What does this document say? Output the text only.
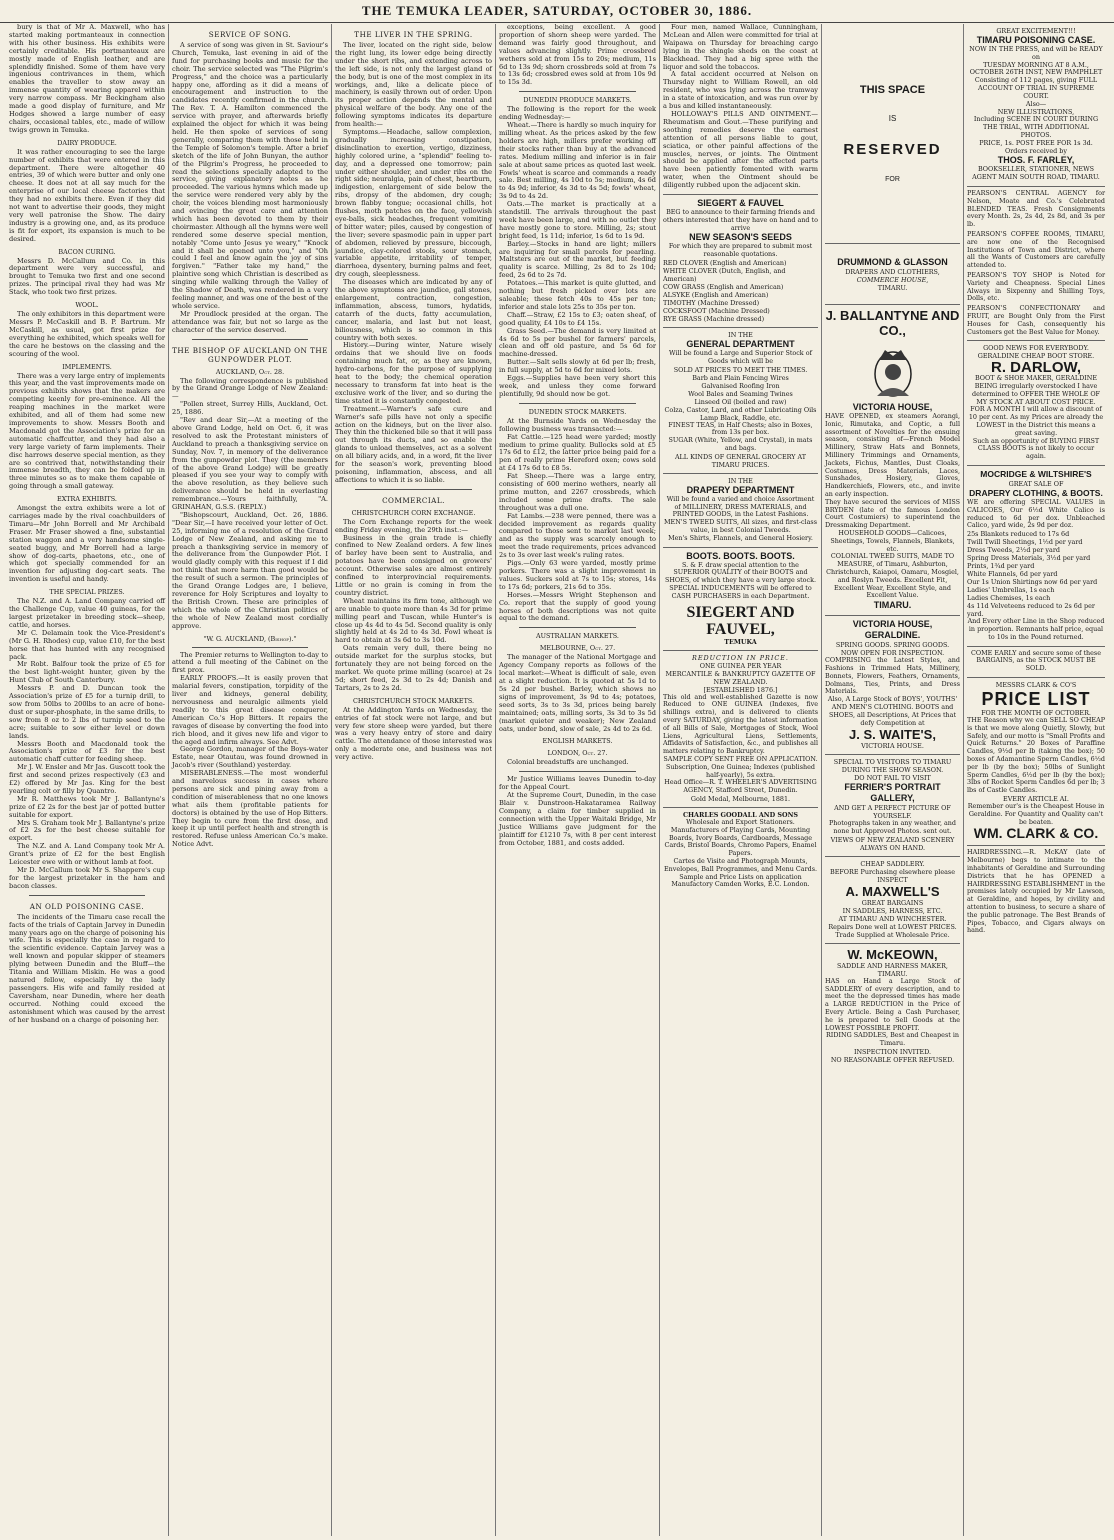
THE TEMUKA LEADER, SATURDAY, OCTOBER 30, 1886.

bury is that of Mr A. Maxwell, who has started making portmanteaux in connection with his other business. His exhibits were certainly creditable. His portmanteaux are mostly made of English leather, and are splendidly finished. Some of them have very ingenious contrivances in them, which enables the traveller to stow away an immense quantity of wearing apparel within very narrow compass. Mr Beckingham also made a good display of furniture, and Mr Hodges showed a large number of easy chairs, occasional tables, etc., made of willow twigs grown in Temuka.

DAIRY PRODUCE.

It was rather encouraging to see the large number of exhibits that were entered in this department. There were altogether 40 entries, 39 of which were butter and only one cheese. It does not at all say much for the enterprise of our local cheese factories that they had no exhibits there. Even if they did not want to advertise their goods, they might very well patronise the Show. The dairy industry is a growing one, and, as its produce is fit for export, its expansion is much to be desired.

BACON CURING.

Messrs D. McCallum and Co. in this department were very successful, and brought to Temuka two first and one second prizes. The principal rival they had was Mr Stack, who took two first prizes.

WOOL.

The only exhibitors in this department were Messrs P. McCaskill and B. P. Bartrum. Mr McCaskill, as usual, got first prize for everything he exhibited, which speaks well for the care he bestows on the classing and the scouring of the wool.

IMPLEMENTS.

There was a very large entry of implements this year, and the vast improvements made on previous exhibits shows that the makers are competing keenly for pre-eminence. All the reaping machines in the market were exhibited, and all of them had some new improvements to show. Messrs Booth and Macdonald got the Association's prize for an automatic chaffcutter, and they had also a very large variety of farm implements. Their disc harrows deserve special mention, as they are so contrived that, notwithstanding their immense breadth, they can be folded up in three minutes so as to make them capable of going through a small gateway.

EXTRA EXHIBITS.

Amongst the extra exhibits were a lot of carriages made by the rival coachbuilders of Timaru—Mr John Borrell and Mr Archibald Fraser. Mr Fraser showed a fine, substantial station waggon and a very handsome single-seated buggy, and Mr Borrell had a large show of dog-carts, phaetons, etc., one of which got specially commended for an invention for adjusting dog-cart seats. The invention is useful and handy.

THE SPECIAL PRIZES.

The N.Z. and A. Land Company carried off the Challenge Cup, value 40 guineas, for the largest prizetaker in breeding stock—sheep, cattle, and horses.

Mr C. Delamain took the Vice-President's (Mr G. H. Rhodes) cup, value £10, for the best horse that has hunted with any recognised pack.

Mr Robt. Balfour took the prize of £5 for the best light-weight hunter, given by the Hunt Club of South Canterbury.

Messrs P. and D. Duncan took the Association's prize of £5 for a turnip drill, to sow from 50lbs to 200lbs to an acre of bone-dust or super-phosphate, in the same drills, to sow from 8 oz to 2 lbs of turnip seed to the acre; suitable to sow either level or down lands.

Messrs Booth and Macdonald took the Association's prize of £3 for the best automatic chaff cutter for feeding sheep.

Mr J. W. Ensler and Mr Jas. Guscott took the first and second prizes respectively (£3 and £2) offered by Mr Jas. King for the best yearling colt or filly by Quantro.

Mr R. Matthews took Mr J. Ballantyne's prize of £2 2s for the best jar of potted butter suitable for export.

Mrs S. Graham took Mr J. Ballantyne's prize of £2 2s for the best cheese suitable for export.

The N.Z. and A. Land Company took Mr A. Grant's prize of £2 for the best English Leicester ewe with or without lamb at foot.

Mr D. McCallum took Mr S. Shappere's cup for the largest prizetaker in the ham and bacon classes.

AN OLD POISONING CASE.

The incidents of the Timaru case recall the facts of the trials of Captain Jarvey in Dunedin many years ago on the charge of poisoning his wife. This is especially the case in regard to the scientific evidence. Captain Jarvey was a well known and popular skipper of steamers plying between Dunedin and the Bluff—the Titania and William Miskin. He was a good natured fellow, especially by the lady passengers. His wife and family resided at Caversham, near Dunedin, where her death occurred. Nothing could exceed the astonishment which was caused by the arrest of her husband on a charge of poisoning her.

SERVICE OF SONG.

A service of song was given in St. Saviour's Church, Temuka, last evening in aid of the fund for purchasing books and music for the choir. The service selected was "The Pilgrim's Progress," and the choice was a particularly happy one, affording as it did a means of encouragement and instruction to the candidates recently confirmed in the church. The Rev. T. A. Hamilton commenced the service with prayer, and afterwards briefly explained the object for which it was being held. He then spoke of services of song generally, comparing them with those held in the Temple of Solomon's temple. After a brief sketch of the life of John Bunyan, the author of the Pilgrim's Progress, he proceeded to read the selections specially adapted to the service, giving explanatory notes as he proceeded. The various hymns which made up the service were rendered very ably by the choir, the voices blending most harmoniously and evincing the great care and attention which has been devoted to them by their choirmaster. Although all the hymns were well rendered some deserve special mention, notably "Come unto Jesus ye weary," "Knock and it shall be opened unto you," and "Oh could I feel and know again the joy of sins forgiven." "Father take my hand," the plaintive song which Christian is described as singing while walking through the Valley of the Shadow of Death, was rendered in a very feeling manner, and was one of the best of the whole service.

Mr Proudlock presided at the organ. The attendance was fair, but not so large as the character of the service deserved.

THE BISHOP OF AUCKLAND ON THE GUNPOWDER PLOT.
AUCKLAND, Oct. 28.

The following correspondence is published by the Grand Orange Lodge of New Zealand:—

"Pollen street, Surrey Hills, Auckland, Oct. 25, 1886.

"Rev and dear Sir,—At a meeting of the above Grand Lodge, held on Oct. 6, it was resolved to ask the Protestant ministers of Auckland to preach a thanksgiving service on Sunday, Nov. 7, in memory of the deliverance from the gunpowder plot. They (the members of the above Grand Lodge) will be greatly pleased if you see your way to comply with the above resolution, as they believe such deliverance should be held in everlasting remembrance.—Yours faithfully, "A. GRINAHAN, G.S.S. (REPLY.)

"Bishopscourt, Auckland, Oct. 26, 1886. "Dear Sir,—I have received your letter of Oct. 25, informing me of a resolution of the Grand Lodge of New Zealand, and asking me to preach a thanksgiving service in memory of the deliverance from the Gunpowder Plot. I would gladly comply with this request if I did not think that more harm than good would be the result of such a sermon. The principles of the Grand Orange Lodges are, I believe, reverence for Holy Scriptures and loyalty to the British Crown. These are principles of which the whole of the Christian politics of the whole of New Zealand most cordially approve.

"W. G. AUCKLAND, (Bishop)."

The Premier returns to Wellington to-day to attend a full meeting of the Cabinet on the first prox.

EARLY PROOFS.—It is easily proven that malarial fevers, constipation, torpidity of the liver and kidneys, general debility, nervousness and neuralgic ailments yield readily to this great disease conqueror, American Co.'s Hop Bitters. It repairs the ravages of disease by converting the food into rich blood, and it gives new life and vigor to the aged and infirm always. See Advt.

George Gordon, manager of the Boys-water Estate, near Otautau, was found drowned in Jacob's river (Southland) yesterday.

MISERABLENESS.—The most wonderful and marvelous success in cases where persons are sick and pining away from a condition of miserableness that no one knows what ails them (profitable patients for doctors) is obtained by the use of Hop Bitters. They begin to cure from the first dose, and keep it up until perfect health and strength is restored. Refuse unless American Co.'s make. Notice Advt.

THE LIVER IN THE SPRING.

The liver, located on the right side, below the right lung, its lower edge being directly under the short ribs, and extending across to the left side, is not only the largest gland of the body, but is one of the most complex in its workings, and, like a delicate piece of machinery, is easily thrown out of order. Upon its proper action depends the mental and physical welfare of the body. Any one of the following symptoms indicates its departure from health:—

Symptoms.—Headache, sallow complexion, gradually increasing constipation, disinclination to exertion, vertigo, dizziness, highly colored urine, a "splendid" feeling to-day, and a depressed one tomorrow; pain under either shoulder, and under ribs on the right side; neuralgia, pain of chest, heartburn, indigestion, enlargement of side below the ribs, dropsy of the abdomen, dry cough; brown flabby tongue; occasional chills, hot flushes, moth patches on the face, yellowish eye-balls, sick headaches, frequent vomiting of bitter water; piles, caused by congestion of the liver; severe spasmodic pain in upper part of abdomen, relieved by pressure, biccough, jaundice, clay-colored stools, sour stomach, variable appetite, irritability of temper, diarrhoea, dysentery, burning palms and feet, dry cough, sleeplessness.

The diseases which are indicated by any of the above symptoms are jaundice, gall stones, enlargement, contraction, congestion, inflammation, abscess, tumors, hydatids, catarrh of the ducts, fatty accumulation, cancer, malaria, and last but not least, biliousness, which is so common in this country with both sexes.

History.—During winter, Nature wisely ordains that we should live on foods containing much fat, or, as they are known, hydro-carbons, for the purpose of supplying heat to the body; the chemical operation necessary to transform fat into heat is the exclusive work of the liver, and so during the time stated it is constantly congested.

Treatment.—Warner's safe cure and Warner's safe pills have not only a specific action on the kidneys, but on the liver also. They thin the thickened bile so that it will pass out through its ducts, and so enable the glands to unload themselves, act as a solvent on all biliary acids, and, in a word, fit the liver for the season's work, preventing blood poisoning, inflammation, abscess, and all affections to which it is so liable.

COMMERCIAL.
CHRISTCHURCH CORN EXCHANGE.

The Corn Exchange reports for the week ending Friday evening, the 29th inst.:—

Business in the grain trade is chiefly confined to New Zealand orders. A few lines of barley have been sent to Australia, and potatoes have been consigned on growers' account. Otherwise sales are almost entirely confined to interprovincial requirements. Little or no grain is coming in from the country district.

Wheat maintains its firm tone, although we are unable to quote more than 4s 3d for prime milling pearl and Tuscan, while Hunter's is close up 4s 4d to 4s 5d. Second quality is only slightly held at 4s 2d to 4s 3d. Fowl wheat is hard to obtain at 3s 6d to 3s 10d.

Oats remain very dull, there being no outside market for the surplus stocks, but fortunately they are not being forced on the market. We quote prime milling (scarce) at 2s 5d; short feed, 2s 3d to 2s 4d; Danish and Tartars, 2s to 2s 2d.

CHRISTCHURCH STOCK MARKETS.

At the Addington Yards on Wednesday, the entries of fat stock were not large, and but very few store sheep were yarded, but there was a very heavy entry of store and dairy cattle. The attendance of those interested was only a moderate one, and business was not very active.

exceptions, being excellent. A good proportion of shorn sheep were yarded. The demand was fairly good throughout, and values advancing slightly. Prime crossbred wethers sold at from 15s to 20s; medium, 11s 6d to 13s 9d; shorn crossbreds sold at from 7s to 13s 6d; crossbred ewes sold at from 10s 9d to 15s 3d.

DUNEDIN PRODUCE MARKETS.

The following is the report for the week ending Wednesday:—

Wheat.—There is hardly so much inquiry for milling wheat. As the prices asked by the few holders are high, millers prefer working off their stocks rather than buy at the advanced rates. Medium milling and inferior is in fair sale at about same prices as quoted last week. Fowls' wheat is scarce and commands a ready sale. Best milling, 4s 10d to 5s; medium, 4s 6d to 4s 9d; inferior, 4s 3d to 4s 5d; fowls' wheat, 3s 9d to 4s 2d.

Oats.—The market is practically at a standstill. The arrivals throughout the past week have been large, and with no outlet they have mostly gone to store. Milling, 2s; stout bright feed, 1s 11d; inferior, 1s 6d to 1s 9d.

Barley.—Stocks in hand are light; millers are inquiring for small parcels for pearling. Maltsters are out of the market, but feeding quality is scarce. Milling, 2s 8d to 2s 10d; feed, 2s 6d to 2s 7d.

Potatoes.—This market is quite glutted, and nothing but fresh picked over lots are saleable; these fetch 40s to 45s per ton; inferior and stale lots 25s to 35s per ton.

Chaff.—Straw, £2 15s to £3; oaten sheaf, of good quality, £4 10s to £4 15s.

Grass Seed.—The demand is very limited at 4s 6d to 5s per bushel for farmers' parcels, clean and off old pasture, and 5s 6d for machine-dressed.

Butter.—Salt sells slowly at 6d per lb; fresh, in full supply, at 5d to 6d for mixed lots.

Eggs.—Supplies have been very short this week, and unless they come forward plentifully, 9d should now be got.

DUNEDIN STOCK MARKETS.

At the Burnside Yards on Wednesday the following business was transacted:—

Fat Cattle.—125 head were yarded; mostly medium to prime quality. Bullocks sold at £5 17s 6d to £12, the latter price being paid for a pen of really prime Hereford oxen; cows sold at £4 17s 6d to £8 5s.

Fat Sheep.—There was a large entry, consisting of 600 merino wethers, nearly all prime mutton, and 2267 crossbreds, which included some prime drafts. The sale throughout was a dull one.

Fat Lambs.—238 were penned, there was a decided improvement as regards quality compared to those sent to market last week; and as the supply was scarcely enough to meet the trade requirements, prices advanced 2s to 3s over last week's ruling rates.

Pigs.—Only 63 were yarded, mostly prime porkers. There was a slight improvement in values. Suckers sold at 7s to 15s; stores, 14s to 17s 6d; porkers, 21s 6d to 35s.

Horses.—Messrs Wright Stephenson and Co. report that the supply of good young horses of both descriptions was not quite equal to the demand.

AUSTRALIAN MARKETS.
MELBOURNE, Oct. 27.

The manager of the National Mortgage and Agency Company reports as follows of the local market:—Wheat is difficult of sale, even at a slight reduction. It is quoted at 5s 1d to 5s 2d per bushel. Barley, which shows no signs of improvement, 3s 9d to 4s; potatoes, seed sorts, 3s to 3s 3d, prices being barely maintained; oats, milling sorts, 3s 3d to 3s 5d (market quieter and weaker); New Zealand oats, under bond, slow of sale, 2s 4d to 2s 6d.

ENGLISH MARKETS.
LONDON, Oct. 27.

Colonial breadstuffs are unchanged.

Mr Justice Williams leaves Dunedin to-day for the Appeal Court.

At the Supreme Court, Dunedin, in the case Blair v. Dunstroon-Hakataramea Railway Company, a claim for timber supplied in connection with the Upper Waitaki Bridge, Mr Justice Williams gave judgment for the plaintiff for £1210 7s, with 8 per cent interest from October, 1881, and costs added.

Four men, named Wallace, Cunningham, McLean and Allen were committed for trial at Waipawa on Thursday for breaching cargo lying in the shingle sheds on the coast at Blackhead. They had a big spree with the liquor and sold the tobaccos.

A fatal accident occurred at Nelson on Thursday night to William Rowell, an old resident, who was lying across the tramway in a state of intoxication, and was run over by a bus and killed instantaneously.

HOLLOWAY'S PILLS AND OINTMENT.—Rheumatism and Gout.—These purifying and soothing remedies deserve the earnest attention of all persons liable to gout, sciatica, or other painful affections of the muscles, nerves, or joints. The Ointment should be applied after the affected parts have been patiently fomented with warm water, when the Ointment should be diligently rubbed upon the adjacent skin.

SIEGERT & FAUVEL
BEG to announce to their farming friends and others interested that they have on hand and to arrive
NEW SEASON'S SEEDS
For which they are prepared to submit most reasonable quotations.
RED CLOVER (English and American)
WHITE CLOVER (Dutch, English, and American)
COW GRASS (English and American)
ALSYKE (English and American)
TIMOTHY (Machine Dressed)
COCKSFOOT (Machine Dressed)
RYE GRASS (Machine dressed)
IN THE
GENERAL DEPARTMENT
Will be found a Large and Superior Stock of Goods which will be
SOLD AT PRICES TO MEET THE TIMES.
Barb and Plain Fencing Wires
Galvanised Roofing Iron
Wool Bales and Seaming Twines
Linseed Oil (boiled and raw)
Colza, Castor, Lard, and other Lubricating Oils
Lamp Black, Raddle, etc.
FINEST TEAS, in Half Chests; also in Boxes, from 13s per box.
SUGAR (White, Yellow, and Crystal), in mats and bags.
ALL KINDS OF GENERAL GROCERY AT TIMARU PRICES.
IN THE
DRAPERY DEPARTMENT
Will be found a varied and choice Assortment of MILLINERY, DRESS MATERIALS, and PRINTED GOODS, in the Latest Fashions.
MEN'S TWEED SUITS, All sizes, and first-class value, in best Colonial Tweeds.
Men's Shirts, Flannels, and General Hosiery.
BOOTS. BOOTS. BOOTS.
S. & F. draw special attention to the SUPERIOR QUALITY of their BOOTS and SHOES, of which they have a very large stock.
SPECIAL INDUCEMENTS will be offered to CASH PURCHASERS in each Department.
SIEGERT AND FAUVEL,
TEMUKA
REDUCTION IN PRICE.
ONE GUINEA PER YEAR
MERCANTILE & BANKRUPTCY GAZETTE OF NEW ZEALAND.
[ESTABLISHED 1876.]
This old and well-established Gazette is now Reduced to ONE GUINEA (Indexes, five shillings extra), and is delivered to clients every SATURDAY, giving the latest information of all Bills of Sale, Mortgages of Stock, Wool Liens, Agricultural Liens, Settlements, Affidavits of Satisfaction, &c., and publishes all matters relating to Bankruptcy.
SAMPLE COPY SENT FREE ON APPLICATION.
Subscription, One Guinea; Indexes (published half-yearly), 5s extra.
Head Office—R. T. WHEELER'S ADVERTISING AGENCY, Stafford Street, Dunedin.
Gold Medal, Melbourne, 1881.
CHARLES GOODALL AND SONS
Wholesale and Export Stationers. Manufacturers of Playing Cards, Mounting Boards, Ivory Boards, Cardboards, Message Cards, Bristol Boards, Chromo Papers, Enamel Papers.
Cartes de Visite and Photograph Mounts, Envelopes, Ball Programmes, and Menu Cards.
Sample and Price Lists on application
Manufactory Camden Works, E.C. London.
THIS SPACE
IS
RESERVED
FOR
DRUMMOND & GLASSON
DRAPERS AND CLOTHIERS,
COMMERCE HOUSE,
TIMARU.
J. BALLANTYNE AND CO.,
VICTORIA HOUSE,
HAVE OPENED, ex steamers Aorangi, Ionic, Rimutaka, and Coptic, a full assortment of Novelties for the ensuing season, consisting of—French Model Millinery, Straw Hats and Bonnets, Millinery Trimmings and Ornaments, Jackets, Fichus, Mantles, Dust Cloaks, Costumes, Dress Materials, Laces, Sunshades, Hosiery, Gloves, Handkerchiefs, Flowers, etc., and invite an early inspection.
They have secured the services of MISS BRYDEN (late of the famous London Court Costumiers) to superintend the Dressmaking Department.
HOUSEHOLD GOODS—Calicoes, Sheetings, Towels, Flannels, Blankets, etc.
COLONIAL TWEED SUITS, MADE TO MEASURE, of Timaru, Ashburton, Christchurch, Kaiapoi, Oamaru, Mosgiel, and Roslyn Tweeds. Excellent Fit, Excellent Wear, Excellent Style, and Excellent Value.
TIMARU.
VICTORIA HOUSE, GERALDINE.
SPRING GOODS. SPRING GOODS.
NOW OPEN FOR INSPECTION.
COMPRISING the Latest Styles, and Fashions in Trimmed Hats, Millinery, Bonnets, Flowers, Feathers, Ornaments, Dolmans, Ties, Prints, and Dress Materials.
Also, A Large Stock of BOYS', YOUTHS' AND MEN'S CLOTHING. BOOTS and SHOES, all Descriptions, At Prices that defy Competition at
J. S. WAITE'S,
VICTORIA HOUSE.
SPECIAL TO VISITORS TO TIMARU DURING THE SHOW SEASON.
DO NOT FAIL TO VISIT
FERRIER'S PORTRAIT GALLERY,
AND GET A PERFECT PICTURE OF YOURSELF.
Photographs taken in any weather, and none but Approved Photos. sent out.
VIEWS OF NEW ZEALAND SCENERY ALWAYS ON HAND.
CHEAP SADDLERY.
BEFORE Purchasing elsewhere please INSPECT
A. MAXWELL'S
GREAT BARGAINS
IN SADDLES, HARNESS, ETC.
AT TIMARU AND WINCHESTER.
Repairs Done well at LOWEST PRICES.
Trade Supplied at Wholesale Price.
W. McKEOWN,
SADDLE AND HARNESS MAKER, TIMARU.
HAS on Hand a Large Stock of SADDLERY of every description, and to meet the the depressed times has made a LARGE REDUCTION in the Price of Every Article. Being a Cash Purchaser, he is prepared to Sell Goods at the LOWEST POSSIBLE PROFIT.
RIDING SADDLES, Best and Cheapest in Timaru.
INSPECTION INVITED.
NO REASONABLE OFFER REFUSED.
GREAT EXCITEMENT!!!
TIMARU POISONING CASE.
NOW IN THE PRESS, and will be READY on
TUESDAY MORNING AT 8 A.M., OCTOBER 26TH INST, NEW PAMPHLET
Consisting of 112 pages, giving FULL ACCOUNT OF TRIAL IN SUPREME COURT.
Also—
NEW ILLUSTRATIONS,
Including SCENE IN COURT DURING THE TRIAL, WITH ADDITIONAL PHOTOS.
PRICE, 1s. POST FREE FOR 1s 3d.
Orders received by
THOS. F. FARLEY,
BOOKSELLER, STATIONER, NEWS AGENT MAIN SOUTH ROAD, TIMARU.
PEARSON'S CENTRAL AGENCY for Nelson, Moate and Co.'s Celebrated BLENDED TEAS. Fresh Consignments every Month. 2s, 2s 4d, 2s 8d, and 3s per lb.
PEARSON'S COFFEE ROOMS, TIMARU, are now one of the Recognised Institutions of Town and District, where all the Wants of Customers are carefully attended to.
PEARSON'S TOY SHOP is Noted for Variety and Cheapness. Special Lines Always in Sixpenny and Shilling Toys, Dolls, etc.
PEARSON'S CONFECTIONARY and FRUIT, are Bought Only from the First Houses for Cash, consequently his Customers get the Best Value for Money.
GOOD NEWS FOR EVERYBODY.
GERALDINE CHEAP BOOT STORE.
R. DARLOW,
BOOT & SHOE MAKER, GERALDINE
BEING irregularly overstocked I have determined to OFFER THE WHOLE OF MY STOCK AT ABOUT COST PRICE.
FOR A MONTH I will allow a discount of 10 per cent. As my Prices are already the LOWEST in the District this means a great saving.
Such an opportunity of BUYING FIRST CLASS BOOTS is not likely to occur again.
MOCRIDGE & WILTSHIRE'S
GREAT SALE OF
DRAPERY CLOTHING, & BOOTS.
WE are offering SPECIAL VALUES in CALICOES, Our 6½d White Calico is reduced to 6d per dox. Unbleached Calico, yard wide, 2s 9d per doz.
25s Blankets reduced to 17s 6d
Twill Twill Sheetings, 1½d per yard
Dress Tweeds, 2½d per yard
Spring Dress Materials, 3½d per yard
Prints, 1¾d per yard
White Flannels, 6d per yard
Our 1s Union Shirtings now 6d per yard
Ladies' Umbrellas, 1s each
Ladies Chemises, 1s each
4s 11d Velveteens reduced to 2s 6d per yard.
And Every other Line in the Shop reduced in proportion. Remnants half price, equal to 10s in the Pound returned.
COME EARLY and secure some of these BARGAINS, as the STOCK MUST BE SOLD.
MESSRS CLARK & CO'S
PRICE LIST
FOR THE MONTH OF OCTOBER.
THE Reason why we can SELL SO CHEAP is that we move along Quietly, Slowly, but Safely, and our motto is "Small Profits and Quick Returns." 20 Boxes of Paraffine Candles, 9½d per lb (taking the box); 50 boxes of Adamantine Sperm Candles, 6½d per lb (by the box); 50lbs of Sunlight Sperm Candles, 6½d per lb (by the box); 3lbs of Rocket Sperm Candles 6d per lb; 3 lbs of Castle Candles.
EVERY ARTICLE AI.
Remember our's is the Cheapest House in Geraldine. For Quantity and Quality can't be beaten.
WM. CLARK & CO.
HAIRDRESSING.—R. McKAY (late of Melbourne) begs to intimate to the inhabitants of Geraldine and Surrounding Districts that he has OPENED a HAIRDRESSING ESTABLISHMENT in the premises lately occupied by Mr Lawson, at Geraldine, and hopes, by civility and attention to business, to secure a share of the public patronage. The Best Brands of Pipes, Tobacco, and Cigars always on hand.
